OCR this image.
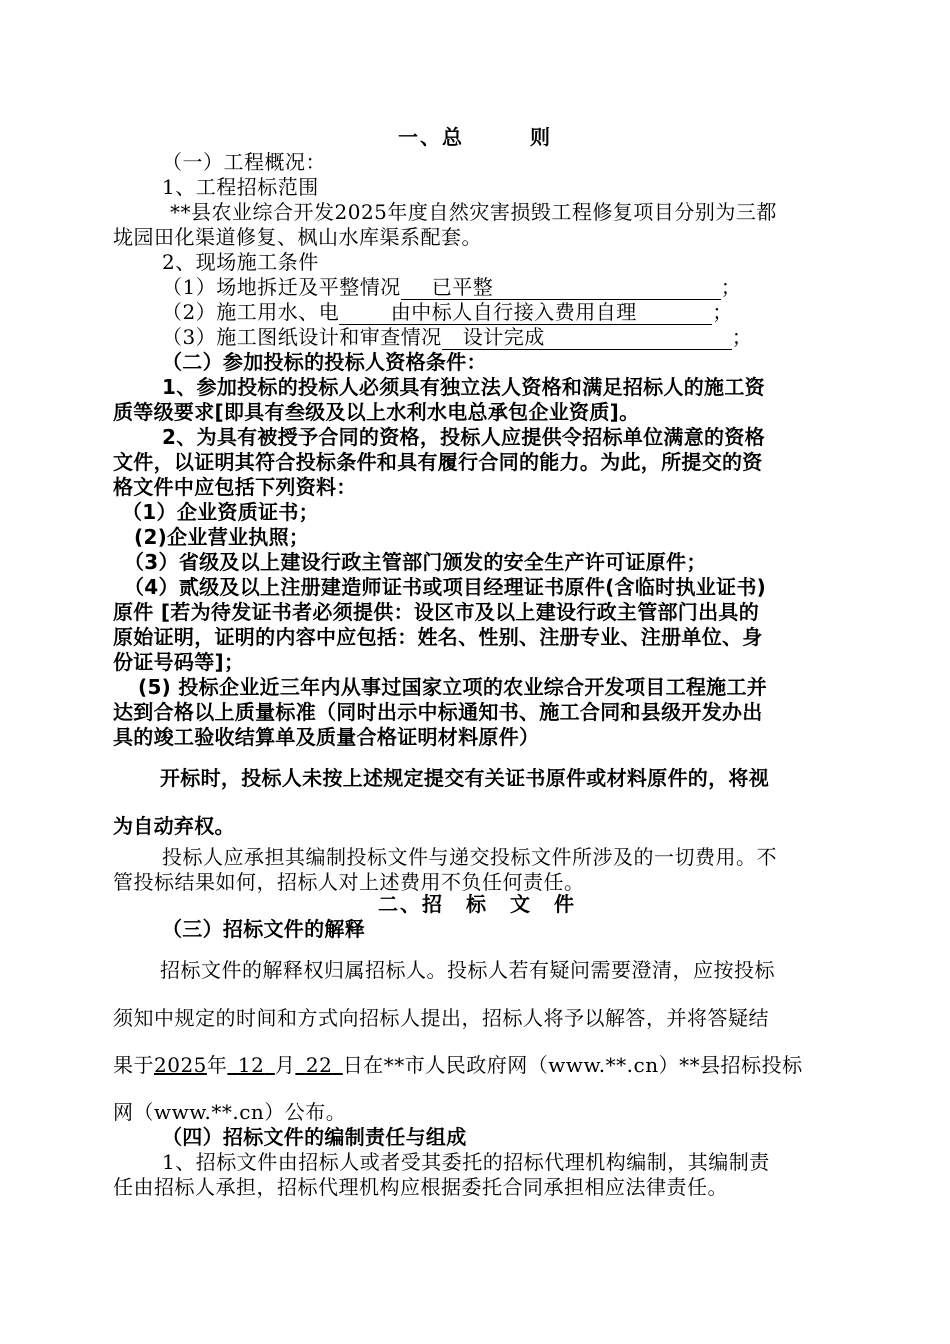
一、总　　　则
（一）工程概况：
1、工程招标范围
**县农业综合开发2025年度自然灾害损毁工程修复项目分别为三都
垅园田化渠道修复、枫山水库渠系配套。
2、现场施工条件
（1）场地拆迁及平整情况   已平整	；
（2）施工用水、电   	由中标人自行接入费用自理	；
（3）施工图纸设计和审查情况   设计完成	；
（二）参加投标的投标人资格条件：
1、参加投标的投标人必须具有独立法人资格和满足招标人的施工资
质等级要求[即具有叁级及以上水利水电总承包企业资质]。
2、为具有被授予合同的资格，投标人应提供令招标单位满意的资格
文件，以证明其符合投标条件和具有履行合同的能力。为此，所提交的资
格文件中应包括下列资料：
（1）企业资质证书；
(2)企业营业执照；
（3）省级及以上建设行政主管部门颁发的安全生产许可证原件；
（4）贰级及以上注册建造师证书或项目经理证书原件(含临时执业证书)
原件 [若为待发证书者必须提供：设区市及以上建设行政主管部门出具的
原始证明，证明的内容中应包括：姓名、性别、注册专业、注册单位、身
份证号码等]；
(5) 投标企业近三年内从事过国家立项的农业综合开发项目工程施工并
达到合格以上质量标准（同时出示中标通知书、施工合同和县级开发办出
具的竣工验收结算单及质量合格证明材料原件）
开标时，投标人未按上述规定提交有关证书原件或材料原件的，将视
为自动弃权。
投标人应承担其编制投标文件与递交投标文件所涉及的一切费用。不
管投标结果如何，招标人对上述费用不负任何责任。
二、招　标　文　件
（三）招标文件的解释
招标文件的解释权归属招标人。投标人若有疑问需要澄清，应按投标
须知中规定的时间和方式向招标人提出，招标人将予以解答，并将答疑结
果于2025年  12  月  22  日在**市人民政府网（www.**.cn）**县招标投标
网（www.**.cn）公布。
（四）招标文件的编制责任与组成
1、招标文件由招标人或者受其委托的招标代理机构编制，其编制责
任由招标人承担，招标代理机构应根据委托合同承担相应法律责任。
